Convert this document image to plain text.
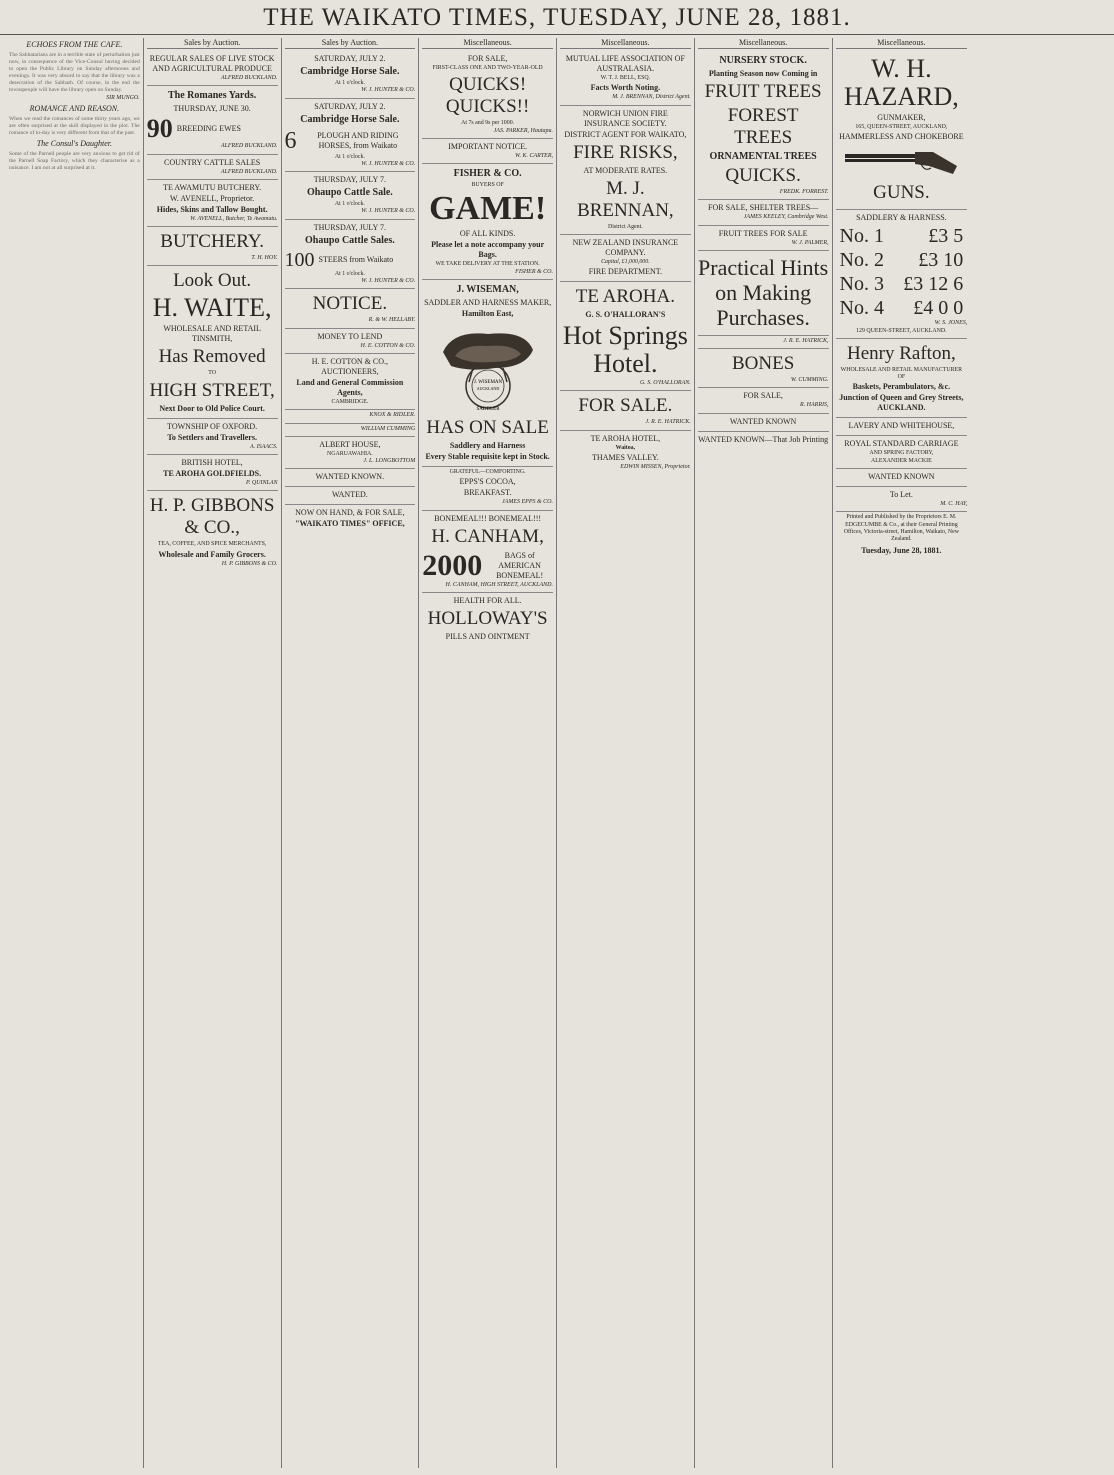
THE WAIKATO TIMES, TUESDAY, JUNE 28, 1881.
ECHOES FROM THE CAFE.
The Sabbatarians are in a terrible state of perturbation just now, in consequence of the Vice-Consul having decided to open the Public Library on Sunday afternoons and evenings. It was very absurd to say that the library was a desecration of the Sabbath. Of course, in the end the townspeople will have the library open on Sunday.
SIR MUNGO.
ROMANCE AND REASON.
When we read the romances of some thirty years ago, we are often surprised at the skill displayed in the plot. The romance of to-day is very different from that of the past.
The Consul's Daughter.
Some of the Parnell people are very anxious to get rid of the Parnell Soap Factory, which they characterise as a nuisance. I am not at all surprised at it.
Sales by Auction.
REGULAR SALES OF LIVE STOCK AND AGRICULTURAL PRODUCE
ALFRED BUCKLAND.
The Romanes Yards.
THURSDAY, JUNE 30.
90 BREEDING EWES
ALFRED BUCKLAND.
COUNTRY CATTLE SALES
ALFRED BUCKLAND.
TE AWAMUTU BUTCHERY.
W. AVENELL, Proprietor.
Hides, Skins and Tallow Bought.
W. AVENELL, Butcher, Te Awamutu.
BUTCHERY.
T. H. HOY.
Look Out.
H. WAITE,
WHOLESALE AND RETAIL TINSMITH,
Has Removed
TO
HIGH STREET,
Next Door to Old Police Court.
TOWNSHIP OF OXFORD.
To Settlers and Travellers.
A. ISAACS.
BRITISH HOTEL,
TE AROHA GOLDFIELDS.
P. QUINLAN
H. P. GIBBONS & CO.,
TEA, COFFEE, AND SPICE MERCHANTS,
Wholesale and Family Grocers.
H. P. GIBBONS & CO.
Sales by Auction.
SATURDAY, JULY 2.
Cambridge Horse Sale.
At 1 o'clock.
W. J. HUNTER & CO.
SATURDAY, JULY 2.
Cambridge Horse Sale.
6	PLOUGH AND RIDING HORSES, from Waikato
At 1 o'clock.
W. J. HUNTER & CO.
THURSDAY, JULY 7.
Ohaupo Cattle Sale.
At 1 o'clock.
W. J. HUNTER & CO.
THURSDAY, JULY 7.
Ohaupo Cattle Sales.
100 STEERS from Waikato
At 1 o'clock.
W. J. HUNTER & CO.
NOTICE.
R. & W. HELLABY.
MONEY TO LEND
H. E. COTTON & CO.
H. E. COTTON & CO., AUCTIONEERS,
Land and General Commission Agents,
CAMBRIDGE.
KNOX & RIDLER.
WILLIAM CUMMING
ALBERT HOUSE,
NGARUAWAHIA.
J. L. LONGBOTTOM
WANTED KNOWN.
WANTED.
NOW ON HAND, & FOR SALE,
"WAIKATO TIMES" OFFICE,
Miscellaneous.
FOR SALE,
FIRST-CLASS ONE AND TWO-YEAR-OLD
QUICKS! QUICKS!!
At 7s and 9s per 1000.
JAS. PARKER, Hautapu.
IMPORTANT NOTICE.
W. K. CARTER,
FISHER & CO.
BUYERS OF
GAME!
OF ALL KINDS.
Please let a note accompany your Bags.
WE TAKE DELIVERY AT THE STATION.
FISHER & CO.
J. WISEMAN,
SADDLER AND HARNESS MAKER,
Hamilton East,
J. WISEMAN
AUCKLAND
SADDLER
HAS ON SALE
Saddlery and Harness
Every Stable requisite kept in Stock.
GRATEFUL—COMFORTING.
EPPS'S COCOA,
BREAKFAST.
JAMES EPPS & CO.
BONEMEAL!!! BONEMEAL!!!
H. CANHAM,
2000	BAGS of AMERICAN BONEMEAL!
H. CANHAM, HIGH STREET, AUCKLAND.
HEALTH FOR ALL.
HOLLOWAY'S
PILLS AND OINTMENT
Miscellaneous.
MUTUAL LIFE ASSOCIATION OF AUSTRALASIA.
W. T. J. BELL, ESQ.
Facts Worth Noting.
M. J. BRENNAN, District Agent.
NORWICH UNION FIRE INSURANCE SOCIETY.
DISTRICT AGENT FOR WAIKATO,
FIRE RISKS,
AT MODERATE RATES.
M. J. BRENNAN,
District Agent.
NEW ZEALAND INSURANCE COMPANY.
Capital, £1,000,000.
FIRE DEPARTMENT.
TE AROHA.
G. S. O'HALLORAN'S
Hot Springs Hotel.
G. S. O'HALLORAN.
FOR SALE.
J. R. E. HATRICK.
TE AROHA HOTEL,
Waitoa,
THAMES VALLEY.
EDWIN MISSEN, Proprietor.
Miscellaneous.
NURSERY STOCK.
Planting Season now Coming in
FRUIT TREES
FOREST TREES
ORNAMENTAL TREES
QUICKS.
FREDK. FORREST.
FOR SALE, SHELTER TREES—
JAMES KEELEY, Cambridge West.
FRUIT TREES FOR SALE
W. J. PALMER,
Practical Hints on Making Purchases.
J. R. E. HATRICK,
BONES
W. CUMMING.
FOR SALE,
R. HARRIS,
WANTED KNOWN
WANTED KNOWN—That Job Printing
Miscellaneous.
W. H. HAZARD,
GUNMAKER,
165, QUEEN-STREET, AUCKLAND,
HAMMERLESS AND CHOKEBORE
GUNS.
SADDLERY & HARNESS.
No. 1 £3 5
No. 2 £3 10
No. 3 £3 12 6
No. 4 £4 0 0
W. S. JONES,
129 QUEEN-STREET, AUCKLAND.
Henry Rafton,
WHOLESALE AND RETAIL MANUFACTURER
OF
Baskets, Perambulators, &c.
Junction of Queen and Grey Streets, AUCKLAND.
LAVERY AND WHITEHOUSE,
ROYAL STANDARD CARRIAGE
AND SPRING FACTORY,
ALEXANDER MACKIE
WANTED KNOWN
To Let.
M. C. HAY,
Printed and Published by the Proprietors E. M. EDGECUMBE & Co., at their General Printing Offices, Victoria-street, Hamilton, Waikato, New Zealand.
Tuesday, June 28, 1881.
